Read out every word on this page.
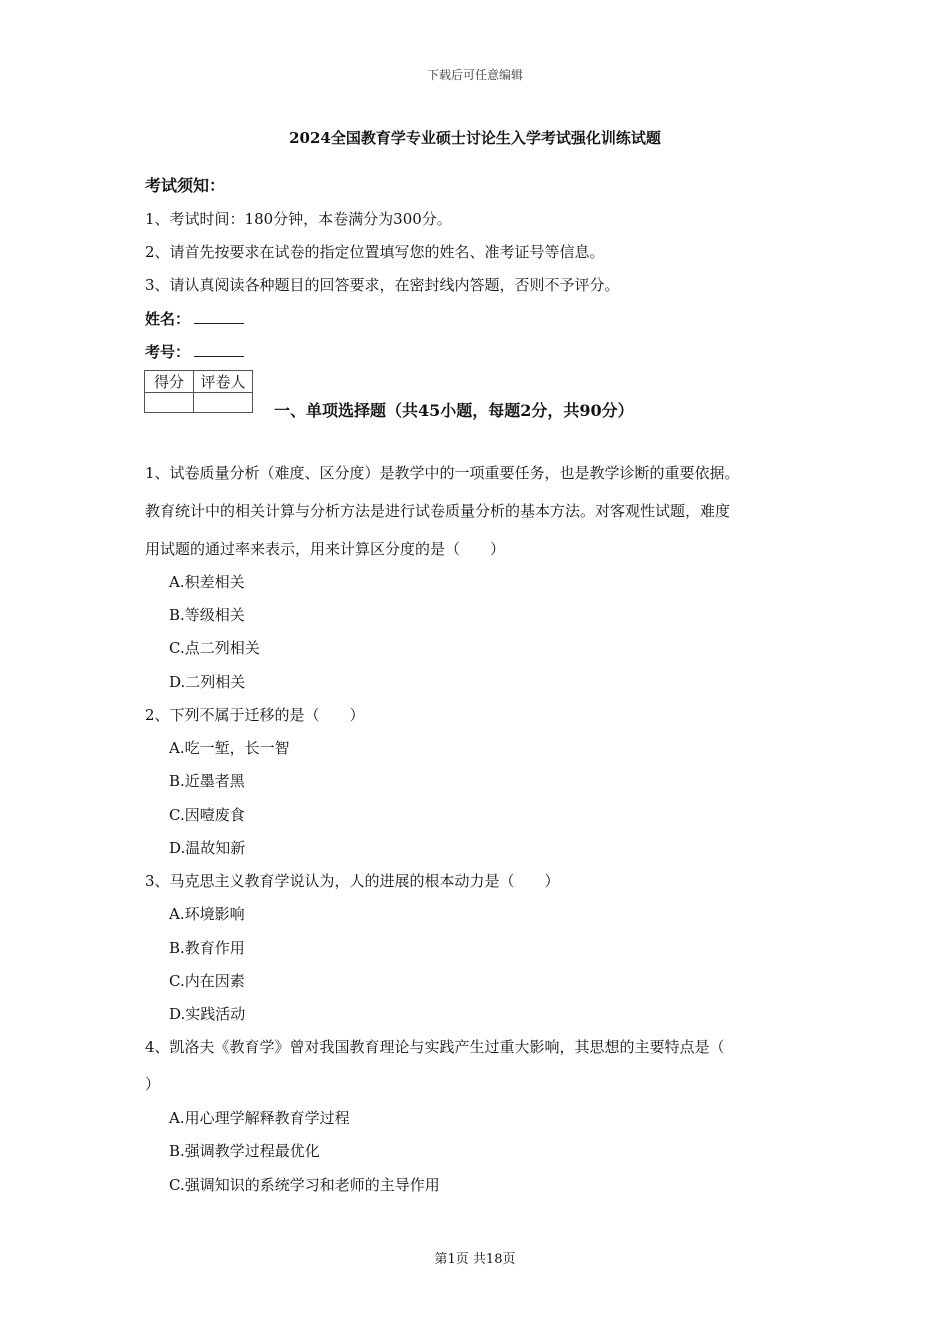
下载后可任意编辑
2024全国教育学专业硕士讨论生入学考试强化训练试题
考试须知：
1、考试时间：180分钟，本卷满分为300分。
2、请首先按要求在试卷的指定位置填写您的姓名、准考证号等信息。
3、请认真阅读各种题目的回答要求，在密封线内答题，否则不予评分。
姓名：
考号：
得分	评卷人

一、单项选择题（共45小题，每题2分，共90分）
1、试卷质量分析（难度、区分度）是教学中的一项重要任务，也是教学诊断的重要依据。
教育统计中的相关计算与分析方法是进行试卷质量分析的基本方法。对客观性试题，难度
用试题的通过率来表示，用来计算区分度的是（　　）
A.积差相关
B.等级相关
C.点二列相关
D.二列相关
2、下列不属于迁移的是（　　）
A.吃一堑，长一智
B.近墨者黑
C.因噎废食
D.温故知新
3、马克思主义教育学说认为，人的进展的根本动力是（　　）
A.环境影响
B.教育作用
C.内在因素
D.实践活动
4、凯洛夫《教育学》曾对我国教育理论与实践产生过重大影响，其思想的主要特点是（
）
A.用心理学解释教育学过程
B.强调教学过程最优化
C.强调知识的系统学习和老师的主导作用
第1页 共18页
